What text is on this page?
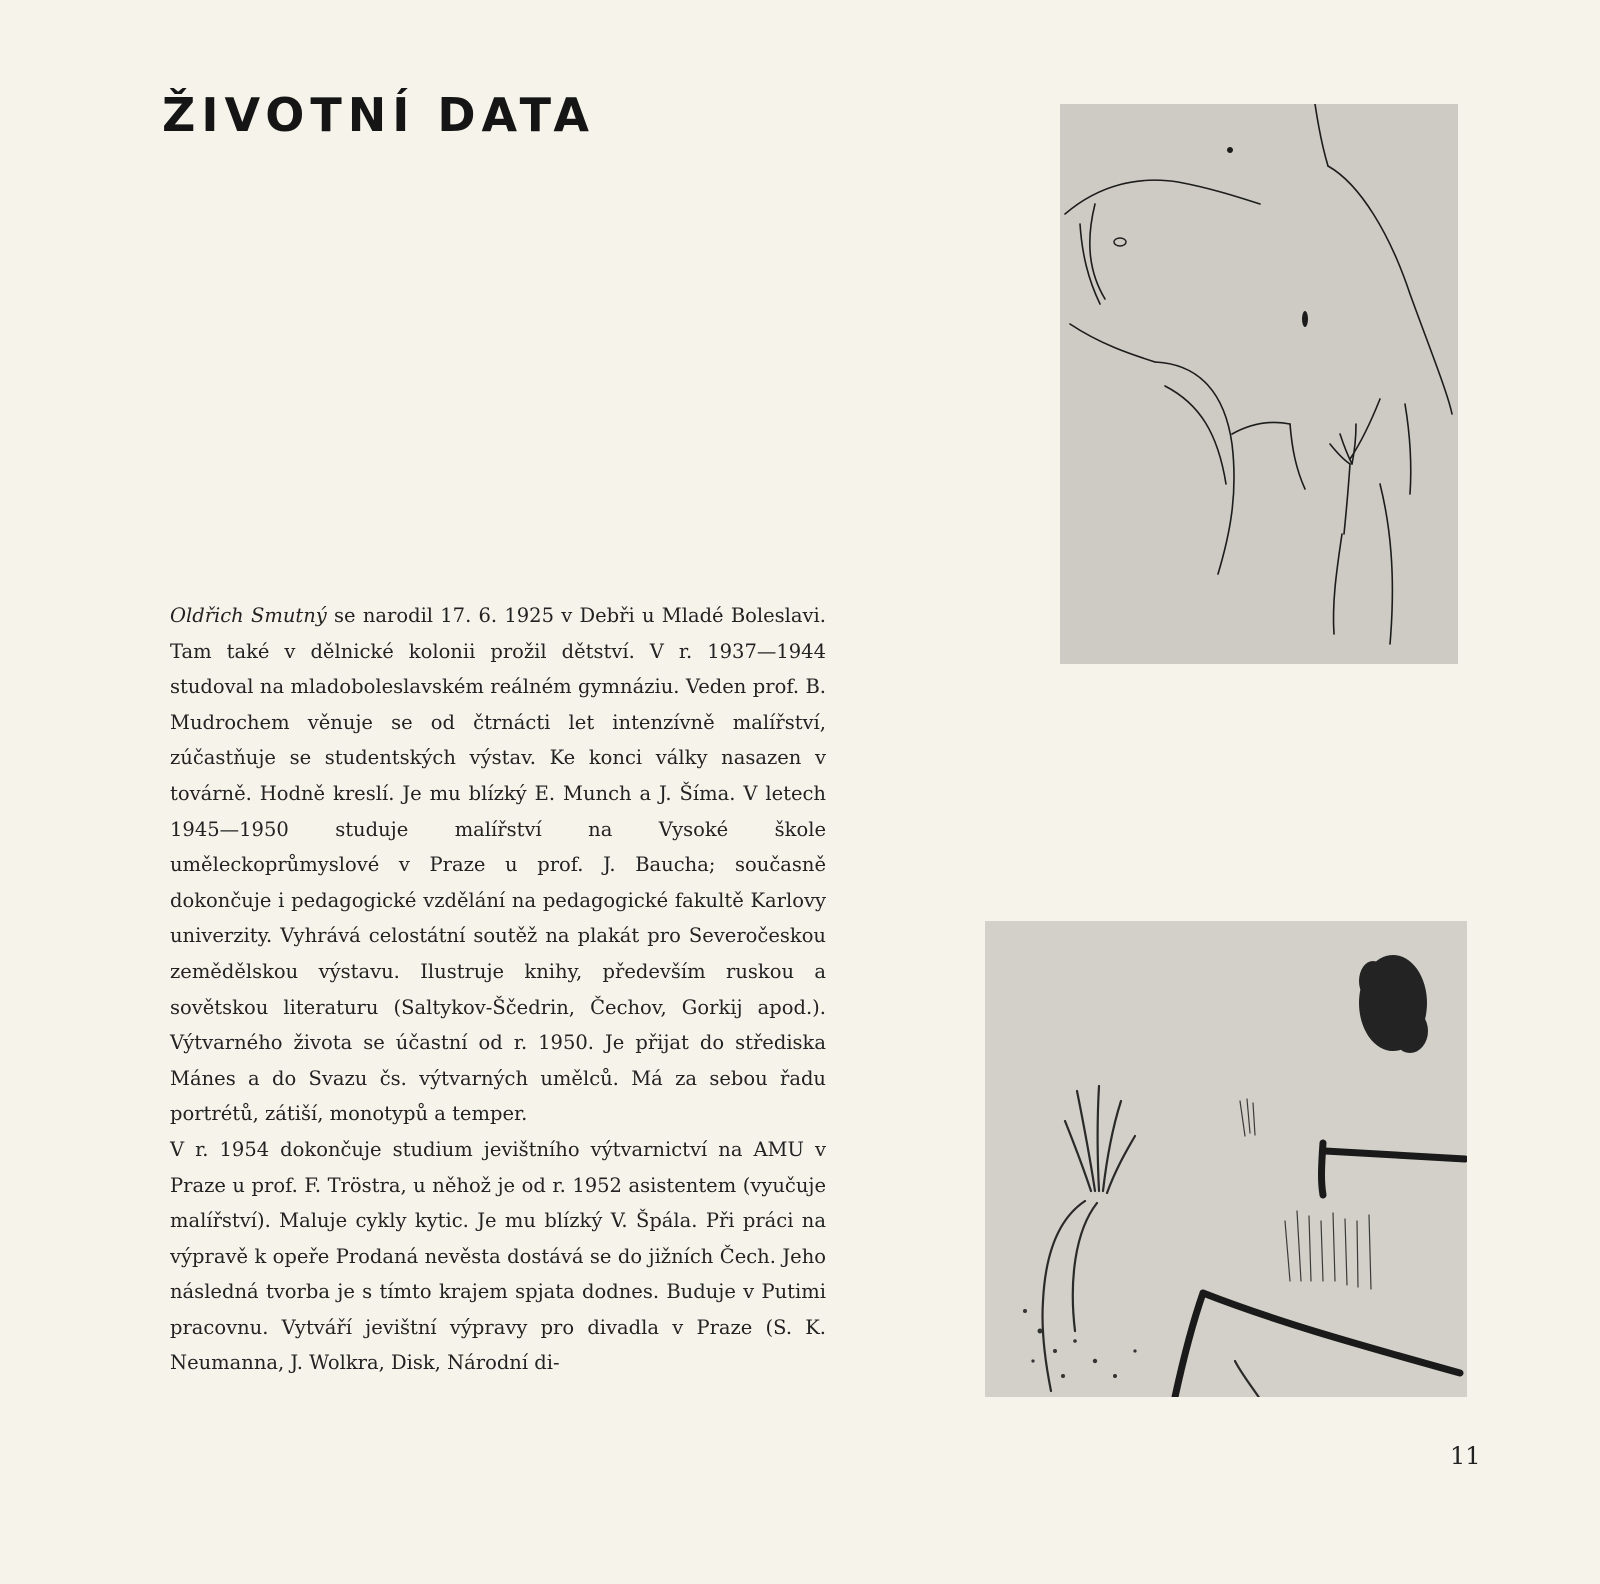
ŽIVOTNÍ DATA

Oldřich Smutný se narodil 17. 6. 1925 v Debři u Mladé Boleslavi. Tam také v dělnické kolonii prožil dětství. V r. 1937—1944 studoval na mladoboleslavském reálném gymnáziu. Veden prof. B. Mudrochem věnuje se od čtrnácti let intenzívně malířství, zúčastňuje se studentských výstav. Ke konci války nasazen v továrně. Hodně kreslí. Je mu blízký E. Munch a J. Šíma. V letech 1945—1950 studuje malířství na Vysoké škole uměleckoprůmyslové v Praze u prof. J. Baucha; současně dokončuje i pedagogické vzdělání na pedagogické fakultě Karlovy univerzity. Vyhrává celostátní soutěž na plakát pro Severočeskou zemědělskou výstavu. Ilustruje knihy, především ruskou a sovětskou literaturu (Saltykov-Ščedrin, Čechov, Gorkij apod.). Výtvarného života se účastní od r. 1950. Je přijat do střediska Mánes a do Svazu čs. výtvarných umělců. Má za sebou řadu portrétů, zátiší, monotypů a temper.

V r. 1954 dokončuje studium jevištního výtvarnictví na AMU v Praze u prof. F. Tröstra, u něhož je od r. 1952 asistentem (vyučuje malířství). Maluje cykly kytic. Je mu blízký V. Špála. Při práci na výpravě k opeře Prodaná nevěsta dostává se do jižních Čech. Jeho následná tvorba je s tímto krajem spjata dodnes. Buduje v Putimi pracovnu. Vytváří jevištní výpravy pro divadla v Praze (S. K. Neumanna, J. Wolkra, Disk, Národní di-

11
